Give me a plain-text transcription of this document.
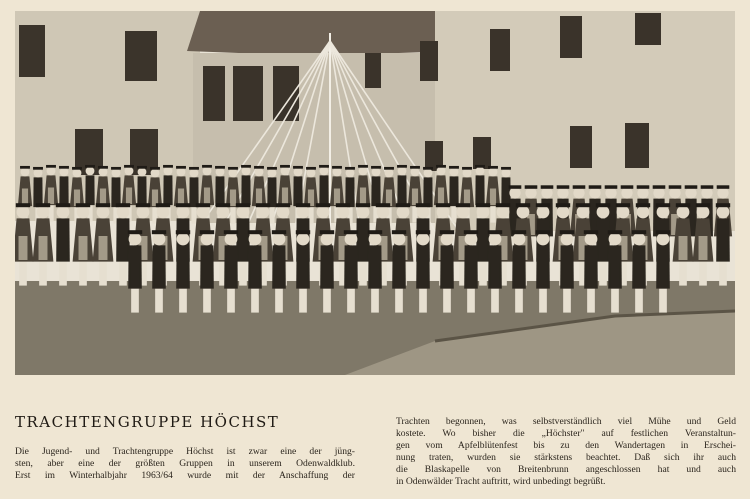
TRACHTENGRUPPE HÖCHST
Die Jugend- und Trachtengruppe Höchst ist zwar eine der jüng-
sten, aber eine der größten Gruppen in unserem Odenwaldklub.
Erst im Winterhalbjahr 1963/64 wurde mit der Anschaffung der
Trachten begonnen, was selbstverständlich viel Mühe und Geld
kostete. Wo bisher die „Höchster" auf festlichen Veranstaltun-
gen vom Apfelblütenfest bis zu den Wandertagen in Erschei-
nung traten, wurden sie stärkstens beachtet. Daß sich ihr auch
die Blaskapelle von Breitenbrunn angeschlossen hat und auch
in Odenwälder Tracht auftritt, wird unbedingt begrüßt.
